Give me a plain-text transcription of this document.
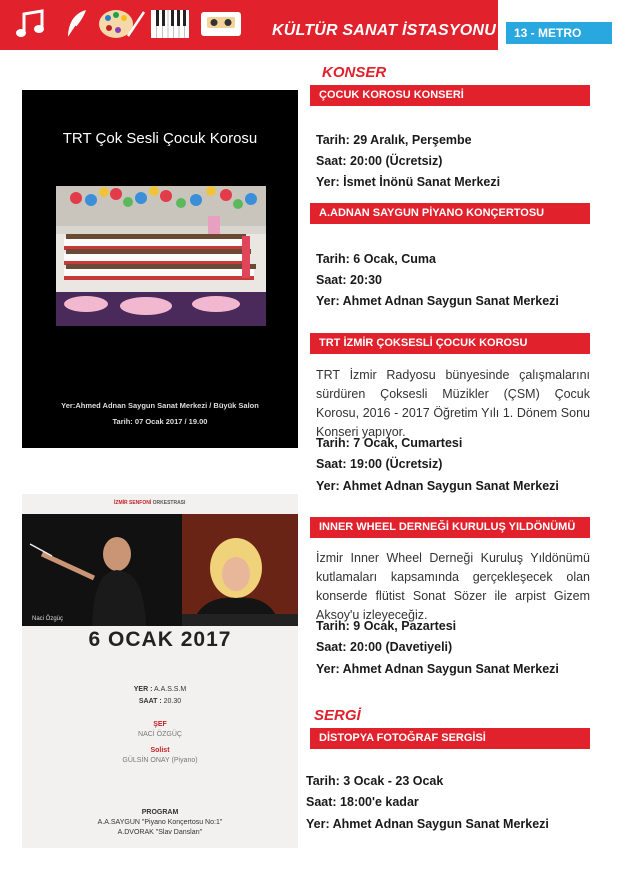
KÜLTÜR SANAT İSTASYONU	13 - METRO
TRT Çok Sesli Çocuk Korosu
Yer:Ahmed Adnan Saygun Sanat Merkezi / Büyük Salon
Tarih: 07 Ocak 2017 / 19.00
İZMİR SENFONİ ORKESTRASI
Naci Özgüç
6 OCAK 2017
YER : A.A.S.S.M
SAAT : 20.30
ŞEF
NACİ ÖZGÜÇ
Solist
GÜLSİN ONAY (Piyano)
PROGRAM
A.A.SAYGUN "Piyano Konçertosu No:1"
A.DVORAK "Slav Dansları"
KONSER
ÇOCUK KOROSU KONSERİ
Tarih: 29 Aralık, Perşembe
Saat: 20:00 (Ücretsiz)
Yer: İsmet İnönü Sanat Merkezi
A.ADNAN SAYGUN PİYANO KONÇERTOSU
Tarih: 6 Ocak, Cuma
Saat: 20:30
Yer: Ahmet Adnan Saygun Sanat Merkezi
TRT İZMİR ÇOKSESLİ ÇOCUK KOROSU
TRT İzmir Radyosu bünyesinde çalışmalarını sürdüren Çoksesli Müzikler (ÇSM) Çocuk Korosu, 2016 - 2017 Öğretim Yılı 1. Dönem Sonu Konseri yapıyor.
Tarih: 7 Ocak, Cumartesi
Saat: 19:00 (Ücretsiz)
Yer: Ahmet Adnan Saygun Sanat Merkezi
INNER WHEEL DERNEĞİ KURULUŞ YILDÖNÜMÜ
İzmir Inner Wheel Derneği Kuruluş Yıldönümü kutlamaları kapsamında gerçekleşecek olan konserde flütist Sonat Sözer ile arpist Gizem Aksoy'u izleyeceğiz.
Tarih: 9 Ocak, Pazartesi
Saat: 20:00 (Davetiyeli)
Yer: Ahmet Adnan Saygun Sanat Merkezi
SERGİ
DİSTOPYA FOTOĞRAF SERGİSİ
Tarih: 3 Ocak - 23 Ocak
Saat: 18:00'e kadar
Yer: Ahmet Adnan Saygun Sanat Merkezi
